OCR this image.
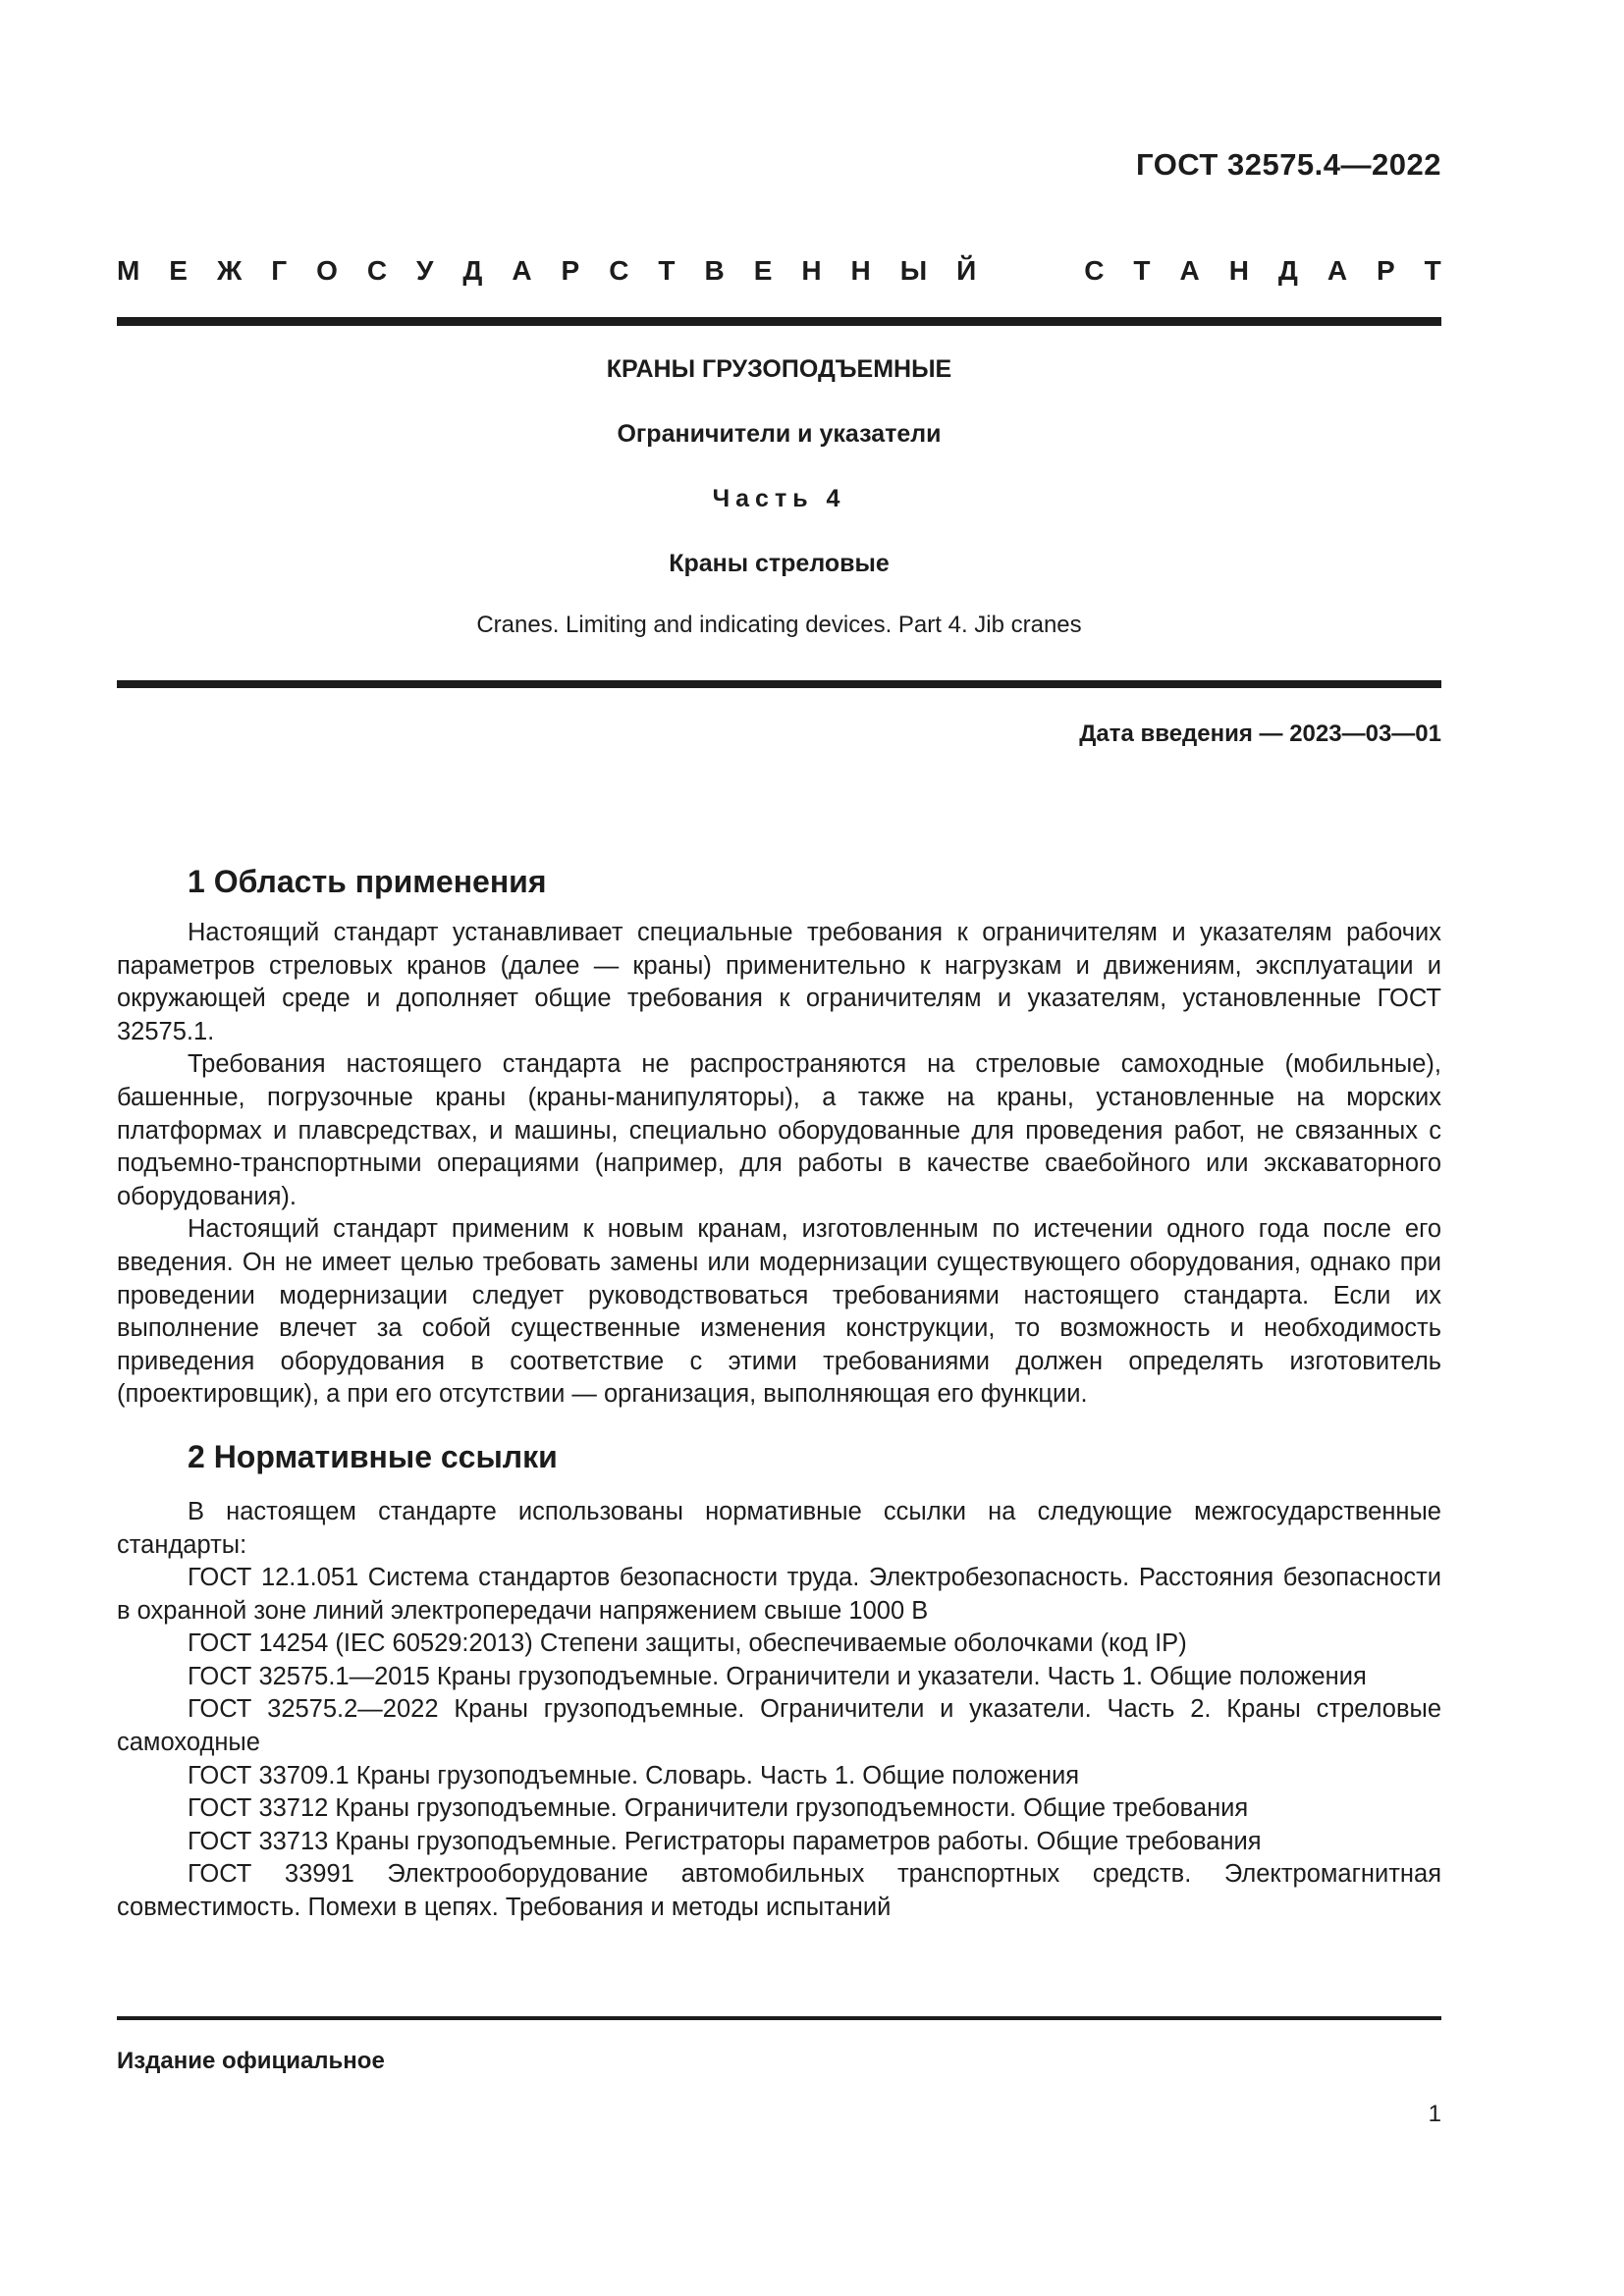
ГОСТ 32575.4—2022
М Е Ж Г О С У Д А Р С Т В Е Н Н Ы Й	С Т А Н Д А Р Т
КРАНЫ ГРУЗОПОДЪЕМНЫЕ
Ограничители и указатели
Часть 4
Краны стреловые
Cranes. Limiting and indicating devices. Part 4. Jib cranes
Дата введения — 2023—03—01
1 Область применения

Настоящий стандарт устанавливает специальные требования к ограничителям и указателям рабочих параметров стреловых кранов (далее — краны) применительно к нагрузкам и движениям, эксплуатации и окружающей среде и дополняет общие требования к ограничителям и указателям, установленные ГОСТ 32575.1.

Требования настоящего стандарта не распространяются на стреловые самоходные (мобильные), башенные, погрузочные краны (краны-манипуляторы), а также на краны, установленные на морских платформах и плавсредствах, и машины, специально оборудованные для проведения работ, не связанных с подъемно-транспортными операциями (например, для работы в качестве сваебойного или экскаваторного оборудования).

Настоящий стандарт применим к новым кранам, изготовленным по истечении одного года после его введения. Он не имеет целью требовать замены или модернизации существующего оборудования, однако при проведении модернизации следует руководствоваться требованиями настоящего стандарта. Если их выполнение влечет за собой существенные изменения конструкции, то возможность и необходимость приведения оборудования в соответствие с этими требованиями должен определять изготовитель (проектировщик), а при его отсутствии — организация, выполняющая его функции.

2 Нормативные ссылки

В настоящем стандарте использованы нормативные ссылки на следующие межгосударственные стандарты:

ГОСТ 12.1.051 Система стандартов безопасности труда. Электробезопасность. Расстояния безопасности в охранной зоне линий электропередачи напряжением свыше 1000 В

ГОСТ 14254 (IEC 60529:2013) Степени защиты, обеспечиваемые оболочками (код IP)

ГОСТ 32575.1—2015 Краны грузоподъемные. Ограничители и указатели. Часть 1. Общие положения

ГОСТ 32575.2—2022 Краны грузоподъемные. Ограничители и указатели. Часть 2. Краны стреловые самоходные

ГОСТ 33709.1 Краны грузоподъемные. Словарь. Часть 1. Общие положения

ГОСТ 33712 Краны грузоподъемные. Ограничители грузоподъемности. Общие требования

ГОСТ 33713 Краны грузоподъемные. Регистраторы параметров работы. Общие требования

ГОСТ 33991 Электрооборудование автомобильных транспортных средств. Электромагнитная совместимость. Помехи в цепях. Требования и методы испытаний

Издание официальное
1
